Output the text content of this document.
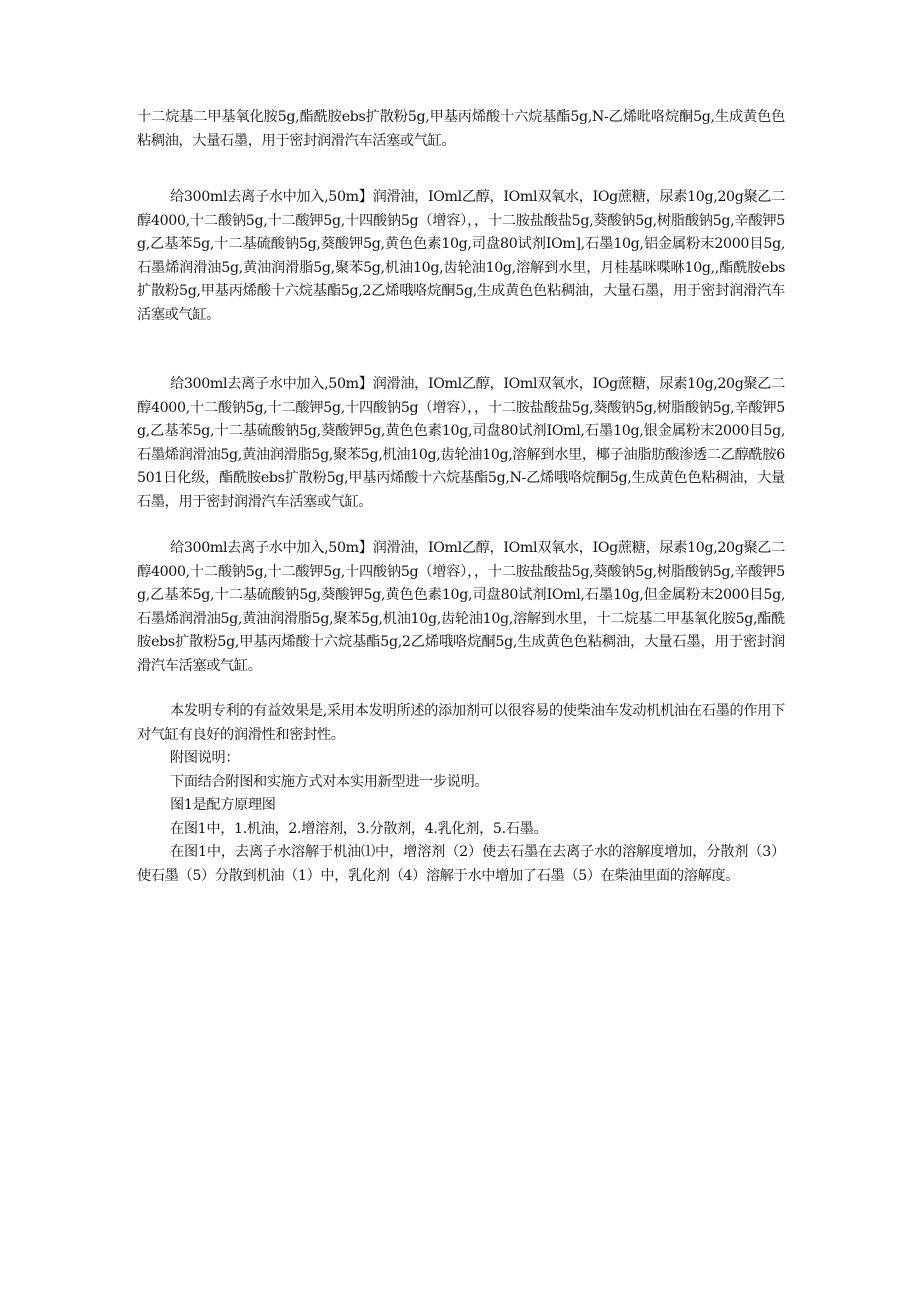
十二烷基二甲基氧化胺5g,酯酰胺ebs扩散粉5g,甲基丙烯酸十六烷基酯5g,N-乙烯吡咯烷酮5g,生成黄色色粘稠油，大量石墨，用于密封润滑汽车活塞或气缸。

给300ml去离子水中加入,50m】润滑油，IOml乙醇，IOml双氧水，IOg蔗糖，尿素10g,20g聚乙二醇4000,十二酸钠5g,十二酸钾5g,十四酸钠5g（增容），，十二胺盐酸盐5g,葵酸钠5g,树脂酸钠5g,辛酸钾5g,乙基苯5g,十二基硫酸钠5g,葵酸钾5g,黄色色素10g,司盘80试剂IOm],石墨10g,铝金属粉末2000目5g,石墨烯润滑油5g,黄油润滑脂5g,聚苯5g,机油10g,齿轮油10g,溶解到水里，月桂基咪喋咻10g,,酯酰胺ebs扩散粉5g,甲基丙烯酸十六烷基酯5g,2乙烯哦咯烷酮5g,生成黄色色粘稠油，大量石墨，用于密封润滑汽车活塞或气缸。

给300ml去离子水中加入,50m】润滑油，IOml乙醇，IOml双氧水，IOg蔗糖，尿素10g,20g聚乙二醇4000,十二酸钠5g,十二酸钾5g,十四酸钠5g（增容），，十二胺盐酸盐5g,葵酸钠5g,树脂酸钠5g,辛酸钾5g,乙基苯5g,十二基硫酸钠5g,葵酸钾5g,黄色色素10g,司盘80试剂IOml,石墨10g,银金属粉末2000目5g,石墨烯润滑油5g,黄油润滑脂5g,聚苯5g,机油10g,齿轮油10g,溶解到水里，椰子油脂肪酸渗透二乙醇酰胺6501日化级，酯酰胺ebs扩散粉5g,甲基丙烯酸十六烷基酯5g,N-乙烯哦咯烷酮5g,生成黄色色粘稠油，大量石墨，用于密封润滑汽车活塞或气缸。

给300ml去离子水中加入,50m】润滑油，IOml乙醇，IOml双氧水，IOg蔗糖，尿素10g,20g聚乙二醇4000,十二酸钠5g,十二酸钾5g,十四酸钠5g（增容），，十二胺盐酸盐5g,葵酸钠5g,树脂酸钠5g,辛酸钾5g,乙基苯5g,十二基硫酸钠5g,葵酸钾5g,黄色色素10g,司盘80试剂IOml,石墨10g,但金属粉末2000目5g,石墨烯润滑油5g,黄油润滑脂5g,聚苯5g,机油10g,齿轮油10g,溶解到水里，十二烷基二甲基氧化胺5g,酯酰胺ebs扩散粉5g,甲基丙烯酸十六烷基酯5g,2乙烯哦咯烷酮5g,生成黄色色粘稠油，大量石墨，用于密封润滑汽车活塞或气缸。

本发明专利的有益效果是,采用本发明所述的添加剂可以很容易的使柴油车发动机机油在石墨的作用下对气缸有良好的润滑性和密封性。

附图说明：

下面结合附图和实施方式对本实用新型进一步说明。

图1是配方原理图

在图1中，1.机油，2.增溶剂，3.分散剂，4.乳化剂，5.石墨。

在图1中，去离子水溶解于机油⑴中，增溶剂（2）使去石墨在去离子水的溶解度增加，分散剂（3）使石墨（5）分散到机油（1）中，乳化剂（4）溶解于水中增加了石墨（5）在柴油里面的溶解度。
